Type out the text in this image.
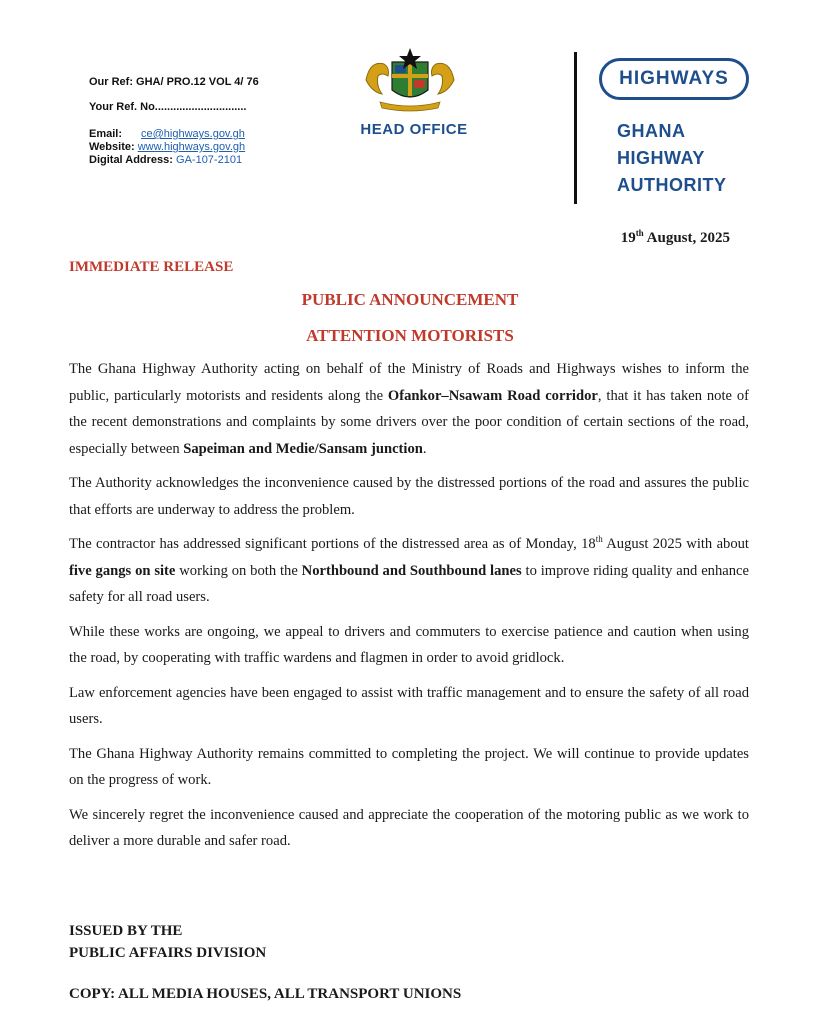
Our Ref: GHA/ PRO.12 VOL 4/ 76
Your Ref. No..............................
Email: ce@highways.gov.gh
Website: www.highways.gov.gh
Digital Address: GA-107-2101
HEAD OFFICE
HIGHWAYS
GHANA
HIGHWAY
AUTHORITY
19th August, 2025
IMMEDIATE RELEASE
PUBLIC ANNOUNCEMENT
ATTENTION MOTORISTS

The Ghana Highway Authority acting on behalf of the Ministry of Roads and Highways wishes to inform the public, particularly motorists and residents along the Ofankor–Nsawam Road corridor, that it has taken note of the recent demonstrations and complaints by some drivers over the poor condition of certain sections of the road, especially between Sapeiman and Medie/Sansam junction.

The Authority acknowledges the inconvenience caused by the distressed portions of the road and assures the public that efforts are underway to address the problem.

The contractor has addressed significant portions of the distressed area as of Monday, 18th August 2025 with about five gangs on site working on both the Northbound and Southbound lanes to improve riding quality and enhance safety for all road users.

While these works are ongoing, we appeal to drivers and commuters to exercise patience and caution when using the road, by cooperating with traffic wardens and flagmen in order to avoid gridlock.

Law enforcement agencies have been engaged to assist with traffic management and to ensure the safety of all road users.

The Ghana Highway Authority remains committed to completing the project. We will continue to provide updates on the progress of work.

We sincerely regret the inconvenience caused and appreciate the cooperation of the motoring public as we work to deliver a more durable and safer road.

ISSUED BY THE
PUBLIC AFFAIRS DIVISION
COPY: ALL MEDIA HOUSES, ALL TRANSPORT UNIONS
